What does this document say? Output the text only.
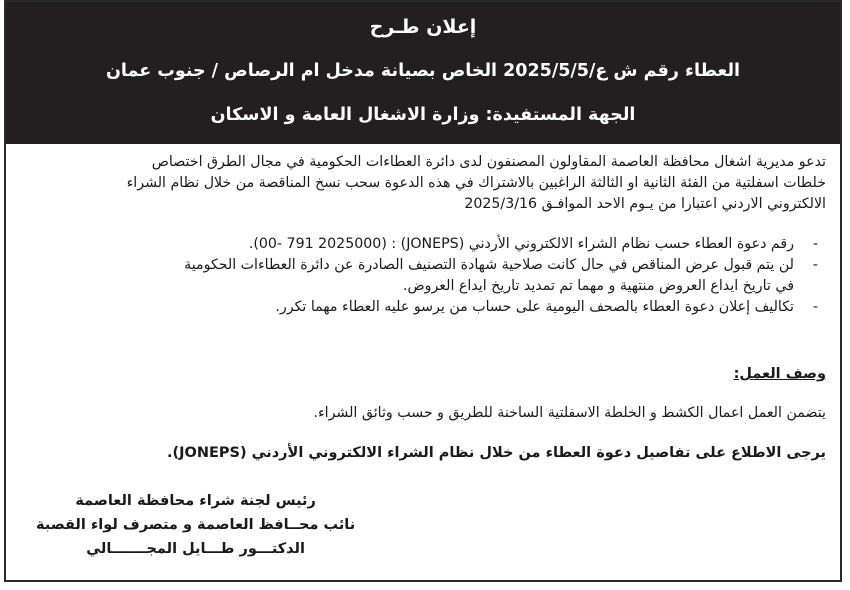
إعلان طـرح
العطاء رقم ش ع/2025/5/5 الخاص بصيانة مدخل ام الرصاص / جنوب عمان
الجهة المستفيدة: وزارة الاشغال العامة و الاسكان
تدعو مديرية اشغال محافظة العاصمة المقاولون المصنفون لدى دائرة العطاءات الحكومية في مجال الطرق اختصاص
خلطات اسفلتية من الفئة الثانية او الثالثة الراغبين بالاشتراك في هذه الدعوة سحب نسخ المناقصة من خلال نظام الشراء
الالكتروني الاردني اعتبارا من يـوم الاحد الموافـق 2025/3/16
-
رقم دعوة العطاء حسب نظام الشراء الالكتروني الأردني (JONEPS) : (00- 791 2025000).
-
لن يتم قبول عرض المناقص في حال كانت صلاحية شهادة التصنيف الصادرة عن دائرة العطاءات الحكومية
في تاريخ ايداع العروض منتهية و مهما تم تمديد تاريخ ايداع العروض.
-
تكاليف إعلان دعوة العطاء بالصحف اليومية على حساب من يرسو عليه العطاء مهما تكرر.
وصف العمل:
يتضمن العمل اعمال الكشط و الخلطة الاسفلتية الساخنة للطريق و حسب وثائق الشراء.
يرجى الاطلاع على تفاصيل دعوة العطاء من خلال نظام الشراء الالكتروني الأردني (JONEPS).
رئيس لجنة شراء محافظة العاصمة
نائب محــافظ العاصمة و متصرف لواء القصبة
الدكتـــور طـــايل المجـــــــالي
